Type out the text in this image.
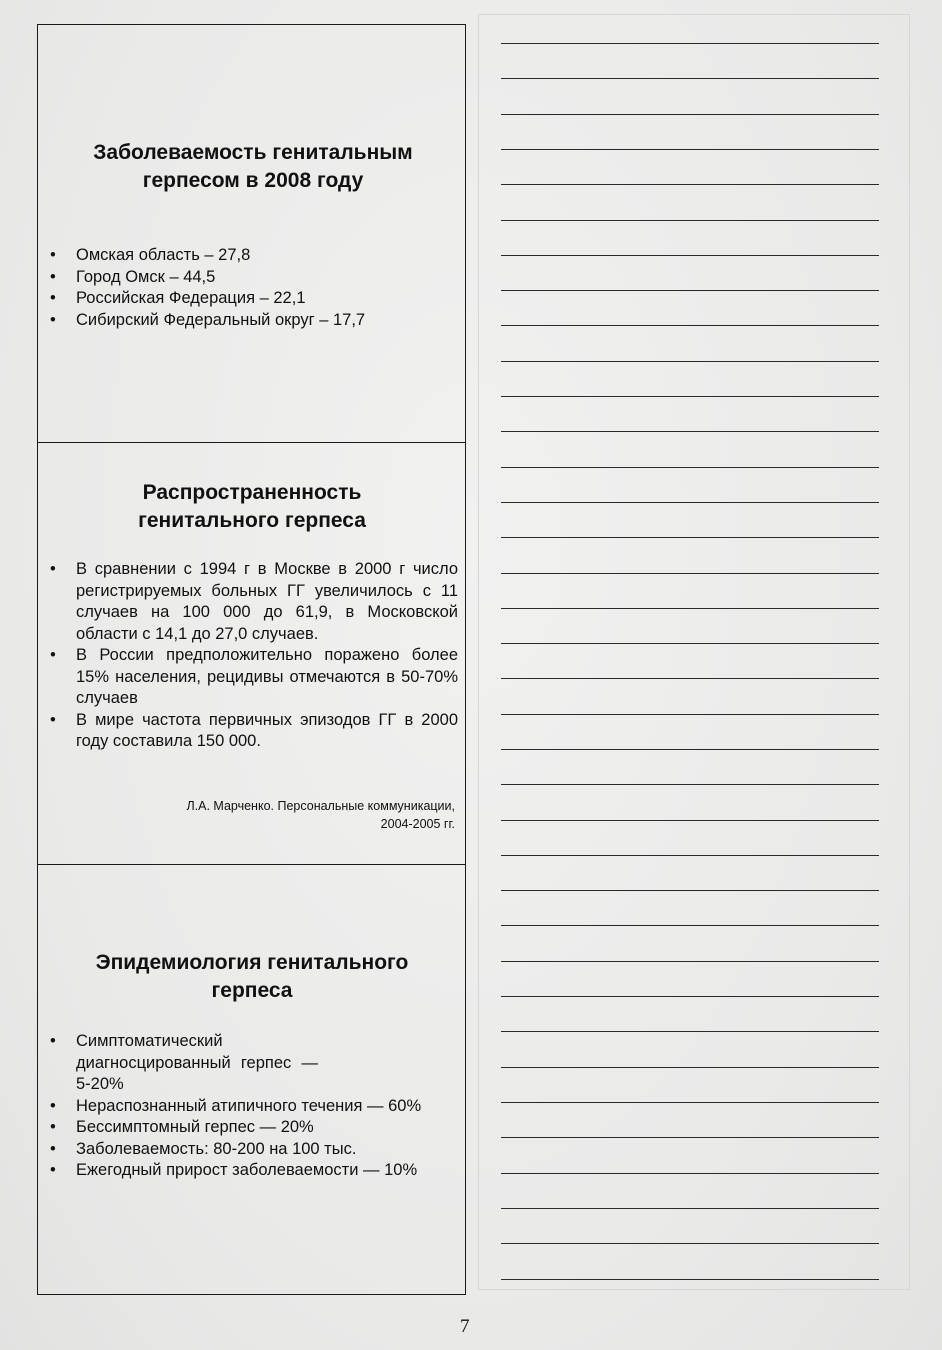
Заболеваемость генитальным герпесом в 2008 году
• Омская область – 27,8
• Город Омск – 44,5
• Российская Федерация – 22,1
• Сибирский Федеральный округ – 17,7
Распространенность генитального герпеса
• В сравнении с 1994 г в Москве в 2000 г число регистрируемых больных ГГ увеличилось с 11 случаев на 100 000 до 61,9, в Московской области с 14,1 до 27,0 случаев.
• В России предположительно поражено более 15% населения, рецидивы отмечаются в 50-70% случаев
• В мире частота первичных эпизодов ГГ в 2000 году составила 150 000.
Л.А. Марченко. Персональные коммуникации,
2004-2005 гг.
Эпидемиология генитального герпеса
• Симптоматический диагносцированный герпес — 5-20%
• Нераспознанный атипичного течения — 60%
• Бессимптомный герпес — 20%
• Заболеваемость: 80-200 на 100 тыс.
• Ежегодный прирост заболеваемости — 10%
7
